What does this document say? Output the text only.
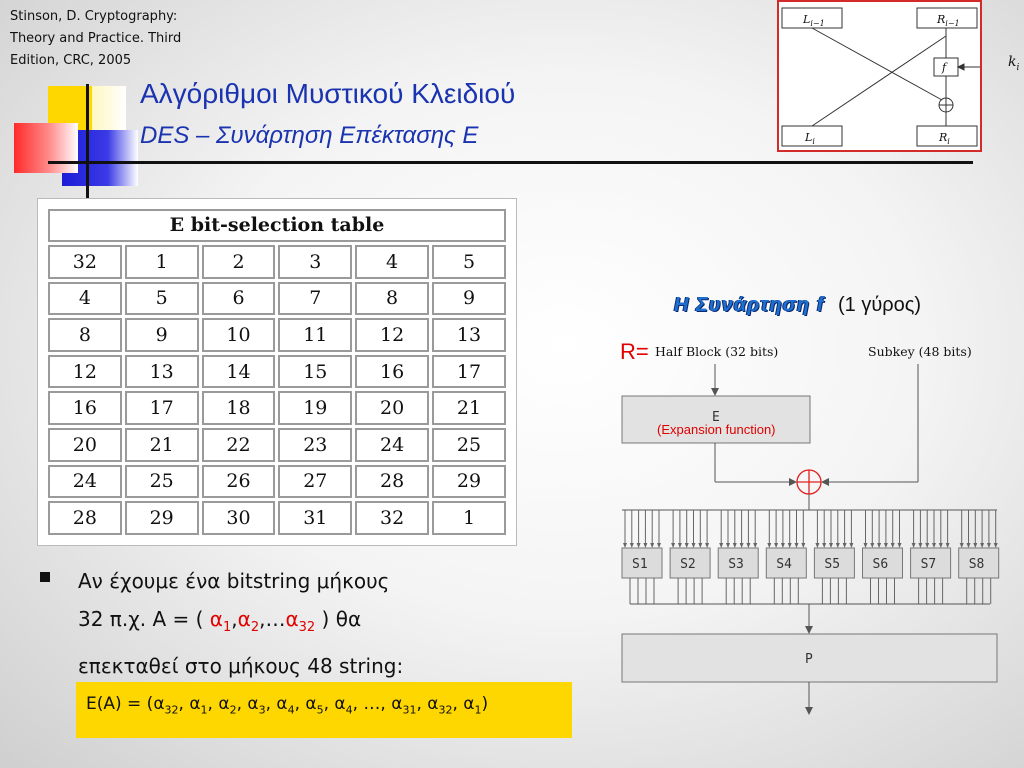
Stinson, D. Cryptography:
Theory and Practice. Third
Edition, CRC, 2005
Αλγόριθμοι Μυστικού Κλειδιού
DES – Συνάρτηση Επέκτασης E
$L_{i-1}$	$R_{i-1}$
f
$L_i$	$R_i$
$k_i$
E bit-selection table					
32	1	2	3	4	5
4	5	6	7	8	9
8	9	10	11	12	13
12	13	14	15	16	17
16	17	18	19	20	21
20	21	22	23	24	25
24	25	26	27	28	29
28	29	30	31	32	1
Αν έχουμε ένα bitstring μήκους
32 π.χ. A = ( $\alpha_1,\alpha_2,\dots\alpha_{32}$ ) θα
επεκταθεί στο μήκους 48 string:
$E(A) = (\alpha_{32}$, $\alpha_1$, $\alpha_2$, $\alpha_3$, $\alpha_4$, $\alpha_5$, $\alpha_4$, …, $\alpha_{31}$, $\alpha_{32}$, $\alpha_1$)
Η Συνάρτηση f (1 γύρος)
R= Half Block (32 bits)	Subkey (48 bits)
E
(Expansion function)
S1 S2 S3 S4 S5 S6 S7 S8
P
